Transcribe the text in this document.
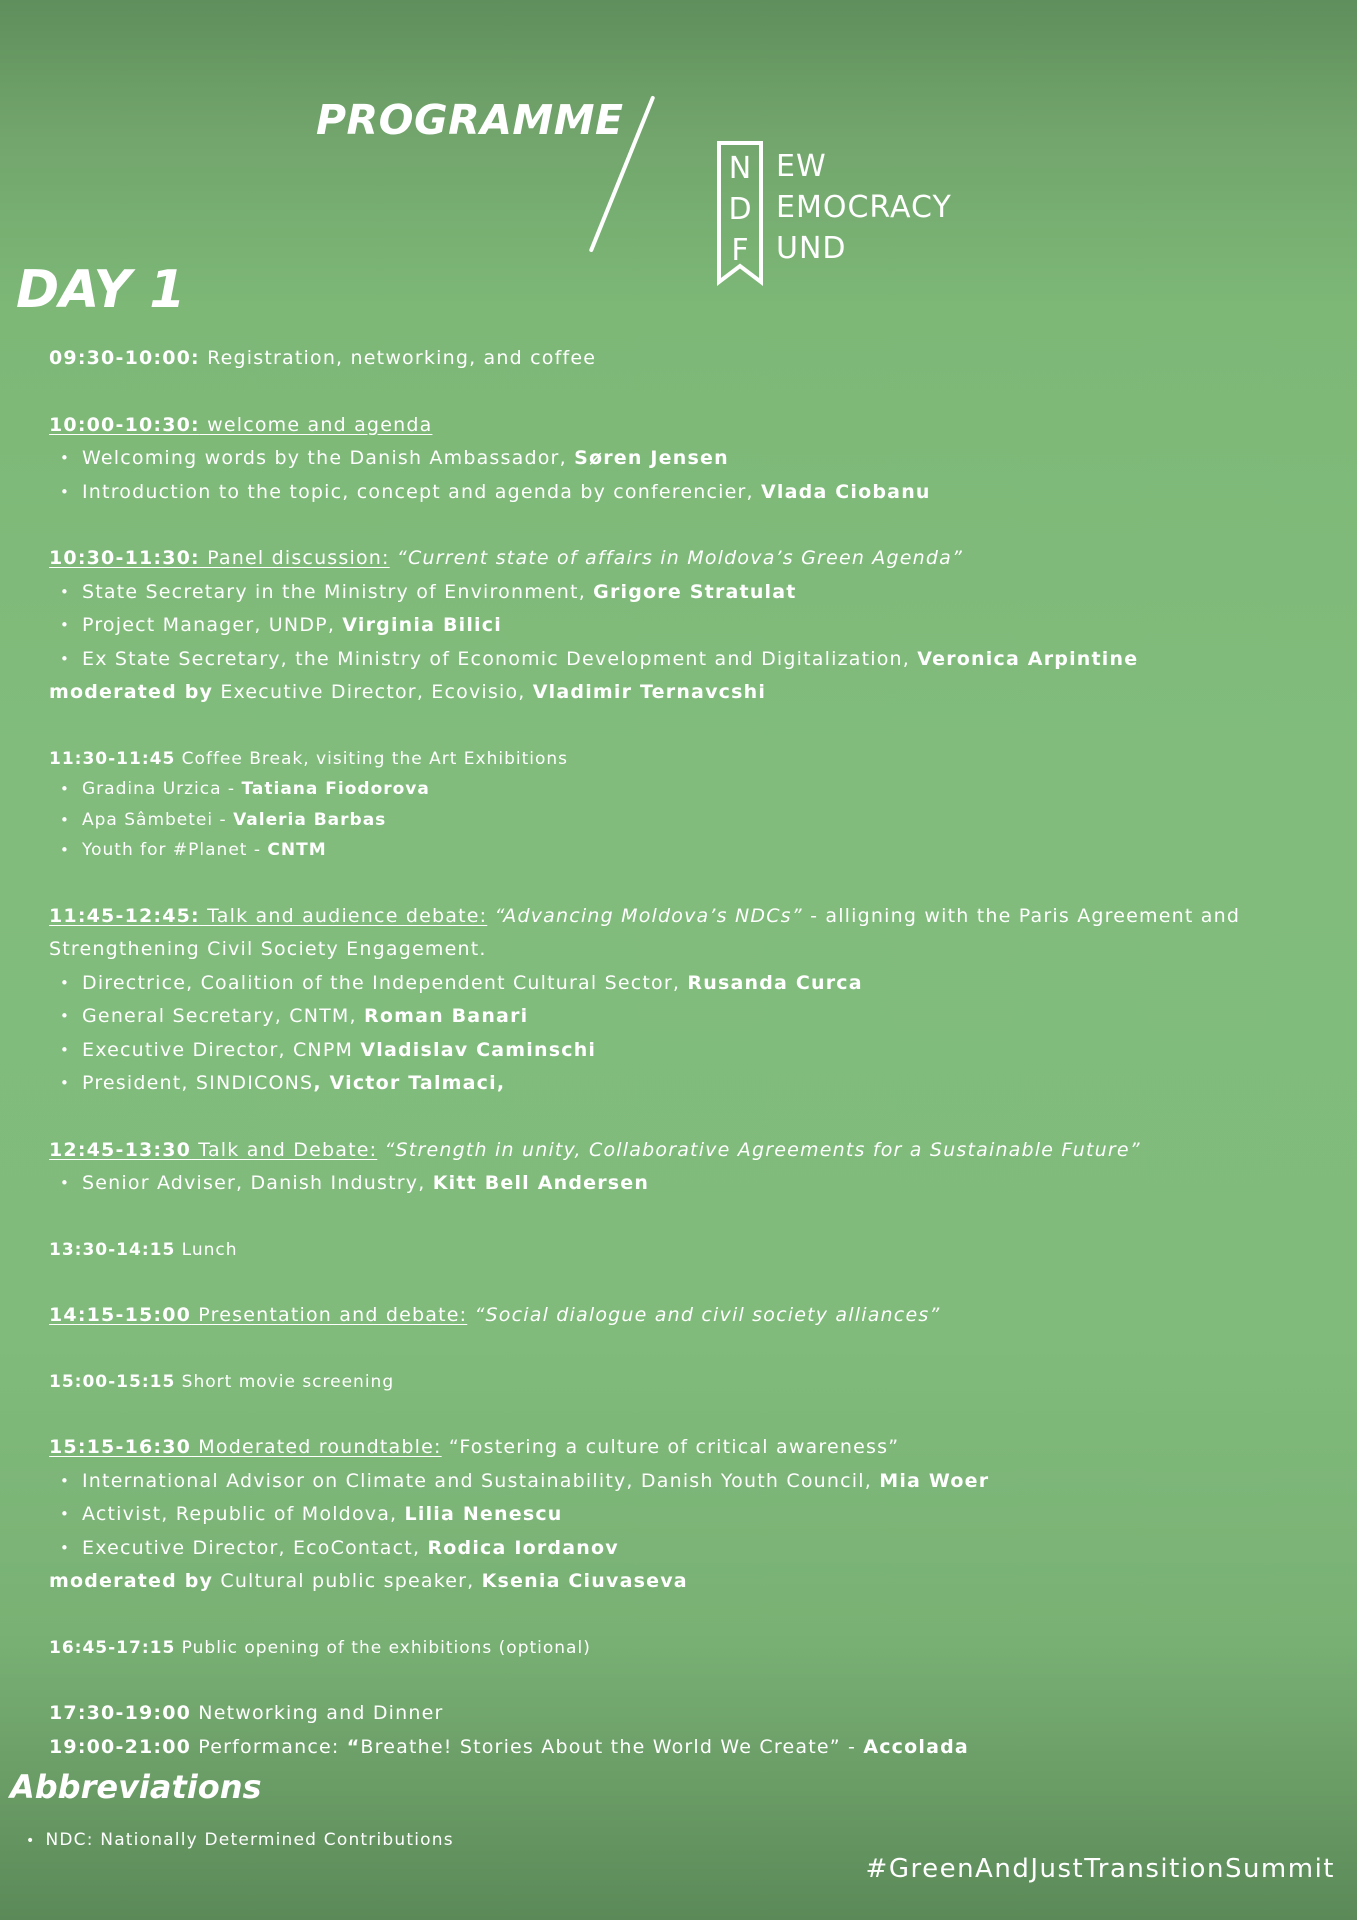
PROGRAMME
N
D
F
EW
EMOCRACY
UND
DAY 1
09:30-10:00: Registration, networking, and coffee
10:00-10:30: welcome and agenda
• Welcoming words by the Danish Ambassador, Søren Jensen
• Introduction to the topic, concept and agenda by conferencier, Vlada Ciobanu
10:30-11:30: Panel discussion: “Current state of affairs in Moldova’s Green Agenda”
• State Secretary in the Ministry of Environment, Grigore Stratulat
• Project Manager, UNDP, Virginia Bilici
• Ex State Secretary, the Ministry of Economic Development and Digitalization, Veronica Arpintine
moderated by Executive Director, Ecovisio, Vladimir Ternavcshi
11:30-11:45 Coffee Break, visiting the Art Exhibitions
• Gradina Urzica - Tatiana Fiodorova
• Apa Sâmbetei - Valeria Barbas
• Youth for #Planet - CNTM
11:45-12:45: Talk and audience debate: “Advancing Moldova’s NDCs” - alligning with the Paris Agreement and
Strengthening Civil Society Engagement.
• Directrice, Coalition of the Independent Cultural Sector, Rusanda Curca
• General Secretary, CNTM, Roman Banari
• Executive Director, CNPM Vladislav Caminschi
• President, SINDICONS, Victor Talmaci,
12:45-13:30 Talk and Debate: “Strength in unity, Collaborative Agreements for a Sustainable Future”
• Senior Adviser, Danish Industry, Kitt Bell Andersen
13:30-14:15 Lunch
14:15-15:00 Presentation and debate: “Social dialogue and civil society alliances”
15:00-15:15 Short movie screening
15:15-16:30 Moderated roundtable: “Fostering a culture of critical awareness”
• International Advisor on Climate and Sustainability, Danish Youth Council, Mia Woer
• Activist, Republic of Moldova, Lilia Nenescu
• Executive Director, EcoContact, Rodica Iordanov
moderated by Cultural public speaker, Ksenia Ciuvaseva
16:45-17:15 Public opening of the exhibitions (optional)
17:30-19:00 Networking and Dinner
19:00-21:00 Performance: “Breathe! Stories About the World We Create” - Accolada
Abbreviations
• NDC: Nationally Determined Contributions
#GreenAndJustTransitionSummit
